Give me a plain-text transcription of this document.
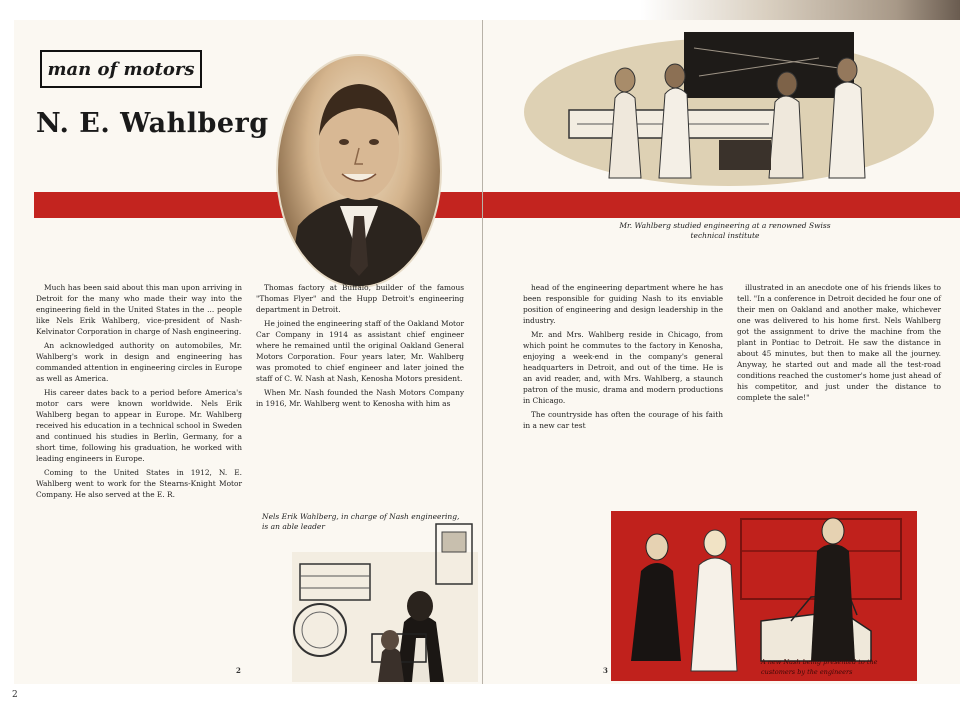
man of motors
N. E. Wahlberg

Much has been said about this man upon arriving in Detroit for the many who made their way into the engineering field in the United States in the ... people like Nels Erik Wahlberg, vice-president of Nash-Kelvinator Corporation in charge of Nash engineering.

An acknowledged authority on automobiles, Mr. Wahlberg's work in design and engineering has commanded attention in engineering circles in Europe as well as America.

His career dates back to a period before America's motor cars were known worldwide. Nels Erik Wahlberg began to appear in Europe. Mr. Wahlberg received his education in a technical school in Sweden and continued his studies in Berlin, Germany, for a short time, following his graduation, he worked with leading engineers in Europe.

Coming to the United States in 1912, N. E. Wahlberg went to work for the Stearns-Knight Motor Company. He also served at the E. R.

Thomas factory at Buffalo, builder of the famous "Thomas Flyer" and the Hupp Detroit's engineering department in Detroit.

He joined the engineering staff of the Oakland Motor Car Company in 1914 as assistant chief engineer where he remained until the original Oakland General Motors Corporation. Four years later, Mr. Wahlberg was promoted to chief engineer and later joined the staff of C. W. Nash at Nash, Kenosha Motors president.

When Mr. Nash founded the Nash Motors Company in 1916, Mr. Wahlberg went to Kenosha with him as

Nels Erik Wahlberg, in charge of Nash engineering, is an able leader
2
Mr. Wahlberg studied engineering at a renowned Swiss technical institute

head of the engineering department where he has been responsible for guiding Nash to its enviable position of engineering and design leadership in the industry.

Mr. and Mrs. Wahlberg reside in Chicago, from which point he commutes to the factory in Kenosha, enjoying a week-end in the company's general headquarters in Detroit, and out of the time. He is an avid reader, and, with Mrs. Wahlberg, a staunch patron of the music, drama and modern productions in Chicago.

The countryside has often the courage of his faith in a new car test

illustrated in an anecdote one of his friends likes to tell. "In a conference in Detroit decided he four one of their men on Oakland and another make, whichever one was delivered to his home first. Nels Wahlberg got the assignment to drive the machine from the plant in Pontiac to Detroit. He saw the distance in about 45 minutes, but then to make all the journey. Anyway, he started out and made all the test-road conditions reached the customer's home just ahead of his competitor, and just under the distance to complete the sale!"

3
A new Nash being presented to the customers by the engineers
2
